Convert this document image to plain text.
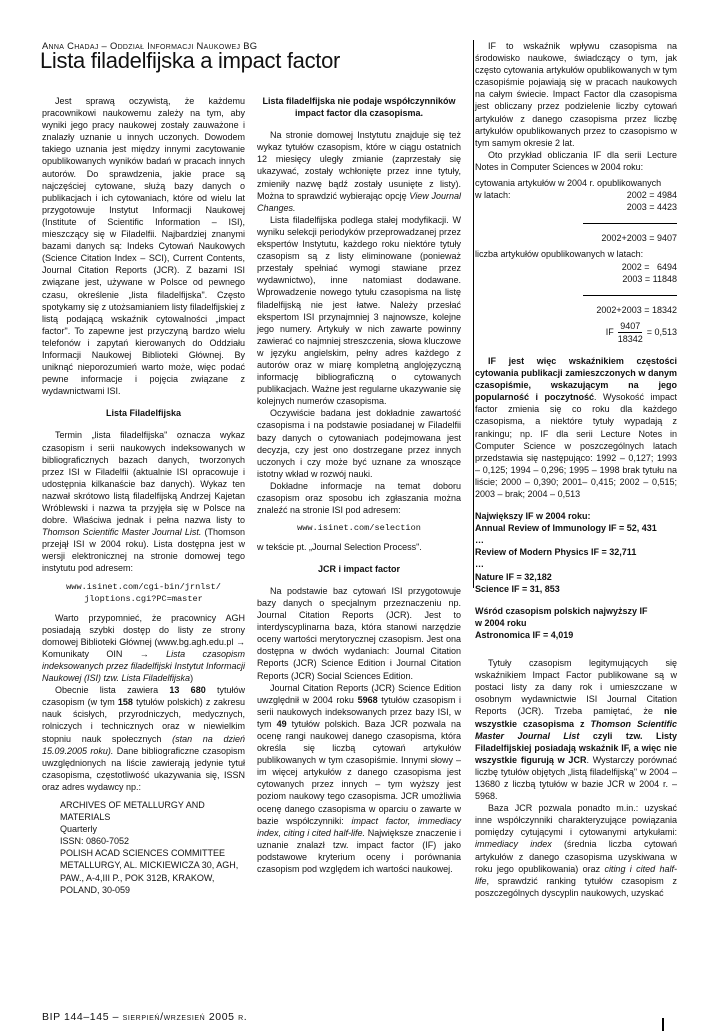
Anna Chadaj – Oddział Informacji Naukowej BG
Lista filadelfijska a impact factor

Jest sprawą oczywistą, że każdemu pracownikowi naukowemu zależy na tym, aby wyniki jego pracy naukowej zostały zauważone i znalazły uznanie u innych uczonych. Dowodem takiego uznania jest między innymi zacytowanie opublikowanych wyników badań w pracach innych autorów. Do sprawdzenia, jakie prace są najczęściej cytowane, służą bazy danych o publikacjach i ich cytowaniach, które od wielu lat przygotowuje Instytut Informacji Naukowej (Institute of Scientific Information – ISI), mieszczący się w Filadelfii. Najbardziej znanymi bazami danych są: Indeks Cytowań Naukowych (Science Citation Index – SCI), Current Contents, Journal Citation Reports (JCR). Z bazami ISI związane jest, używane w Polsce od pewnego czasu, określenie „lista filadelfijska". Często spotykamy się z utożsamianiem listy filadelfijskiej z listą podającą wskaźnik cytowalności „impact factor". To zapewne jest przyczyną bardzo wielu telefonów i zapytań kierowanych do Oddziału Informacji Naukowej Biblioteki Głównej. By uniknąć nieporozumień warto może, więc podać pewne informacje i pojęcia związane z wydawnictwami ISI.

Lista Filadelfijska

Termin „lista filadelfijska" oznacza wykaz czasopism i serii naukowych indeksowanych w bibliograficznych bazach danych, tworzonych przez ISI w Filadelfii (aktualnie ISI opracowuje i udostępnia kilkanaście baz danych). Wykaz ten nazwał skrótowo listą filadelfijską Andrzej Kajetan Wróblewski i nazwa ta przyjęła się w Polsce na dobre. Właściwa jednak i pełna nazwa listy to Thomson Scientific Master Journal List. (Thomson przejął ISI w 2004 roku). Lista dostępna jest w wersji elektronicznej na stronie domowej tego instytutu pod adresem:

www.isinet.com/cgi-bin/jrnlst/
jloptions.cgi?PC=master

Warto przypomnieć, że pracownicy AGH posiadają szybki dostęp do listy ze strony domowej Biblioteki Głównej (www.bg.agh.edu.pl → Komunikaty OIN → Lista czasopism indeksowanych przez filadelfijski Instytut Informacji Naukowej (ISI) tzw. Lista Filadelfijska)

Obecnie lista zawiera 13 680 tytułów czasopism (w tym 158 tytułów polskich) z zakresu nauk ścisłych, przyrodniczych, medycznych, rolniczych i technicznych oraz w niewielkim stopniu nauk społecznych (stan na dzień 15.09.2005 roku). Dane bibliograficzne czasopism uwzględnionych na liście zawierają jedynie tytuł czasopisma, częstotliwość ukazywania się, ISSN oraz adres wydawcy np.:

ARCHIVES OF METALLURGY AND
MATERIALS
Quarterly
ISSN: 0860-7052
POLISH ACAD SCIENCES COMMITTEE
METALLURGY, AL. MICKIEWICZA 30, AGH,
PAW., A-4,III P., POK 312B, KRAKOW,
POLAND, 30-059

Lista filadelfijska nie podaje współczynników impact factor dla czasopisma.

Na stronie domowej Instytutu znajduje się też wykaz tytułów czasopism, które w ciągu ostatnich 12 miesięcy uległy zmianie (zaprzestały się ukazywać, zostały wchłonięte przez inne tytuły, zmieniły nazwę bądź zostały usunięte z listy). Można to sprawdzić wybierając opcję View Journal Changes.

Lista filadelfijska podlega stałej modyfikacji. W wyniku selekcji periodyków przeprowadzanej przez ekspertów Instytutu, każdego roku niektóre tytuły czasopism są z listy eliminowane (ponieważ przestały spełniać wymogi stawiane przez wydawnictwo), inne natomiast dodawane. Wprowadzenie nowego tytułu czasopisma na listę filadelfijską nie jest łatwe. Należy przesłać ekspertom ISI przynajmniej 3 najnowsze, kolejne jego numery. Artykuły w nich zawarte powinny zawierać co najmniej streszczenia, słowa kluczowe w języku angielskim, pełny adres każdego z autorów oraz w miarę kompletną anglojęzyczną informację bibliograficzną o cytowanych publikacjach. Ważne jest regularne ukazywanie się kolejnych numerów czasopisma.

Oczywiście badana jest dokładnie zawartość czasopisma i na podstawie posiadanej w Filadelfii bazy danych o cytowaniach podejmowana jest decyzja, czy jest ono dostrzegane przez innych uczonych i czy może być uznane za wnoszące istotny wkład w rozwój nauki.

Dokładne informacje na temat doboru czasopism oraz sposobu ich zgłaszania można znaleźć na stronie ISI pod adresem:

www.isinet.com/selection

w tekście pt. „Journal Selection Process".

JCR i impact factor

Na podstawie baz cytowań ISI przygotowuje bazy danych o specjalnym przeznaczeniu np. Journal Citation Reports (JCR). Jest to interdyscyplinarna baza, która stanowi narzędzie oceny wartości merytorycznej czasopism. Jest ona dostępna w dwóch wydaniach: Journal Citation Reports (JCR) Science Edition i Journal Citation Reports (JCR) Social Sciences Edition.

Journal Citation Reports (JCR) Science Edition uwzględnił w 2004 roku 5968 tytułów czasopism i serii naukowych indeksowanych przez bazy ISI, w tym 49 tytułów polskich. Baza JCR pozwala na ocenę rangi naukowej danego czasopisma, która określa się liczbą cytowań artykułów publikowanych w tym czasopiśmie. Innymi słowy – im więcej artykułów z danego czasopisma jest cytowanych przez innych – tym wyższy jest poziom naukowy tego czasopisma. JCR umożliwia ocenę danego czasopisma w oparciu o zawarte w bazie współczynniki: impact factor, immediacy index, citing i cited half-life. Największe znaczenie i uznanie znalazł tzw. impact factor (IF) jako podstawowe kryterium oceny i porównania czasopism pod względem ich wartości naukowej.

IF to wskaźnik wpływu czasopisma na środowisko naukowe, świadczący o tym, jak często cytowania artykułów opublikowanych w tym czasopiśmie pojawiają się w pracach naukowych na całym świecie. Impact Factor dla czasopisma jest obliczany przez podzielenie liczby cytowań artykułów z danego czasopisma przez liczbę artykułów opublikowanych przez to czasopismo w tym samym okresie 2 lat.

Oto przykład obliczania IF dla serii Lecture Notes in Computer Sciences w 2004 roku:

cytowania artykułów w 2004 r. opublikowanych
w latach:	2002 = 4984
2003 = 4423
2002+2003 = 9407
liczba artykułów opublikowanych w latach:
2002 =   6494
2003 = 11848
2002+2003 = 18342
IF $\frac{9407}{18342} = 0,513$

IF jest więc wskaźnikiem częstości cytowania publikacji zamieszczonych w danym czasopiśmie, wskazującym na jego popularność i poczytność. Wysokość impact factor zmienia się co roku dla każdego czasopisma, a niektóre tytuły wypadają z rankingu; np. IF dla serii Lecture Notes in Computer Science w poszczególnych latach przedstawia się następująco: 1992 – 0,127; 1993 – 0,125; 1994 – 0,296; 1995 – 1998 brak tytułu na liście; 2000 – 0,390; 2001– 0,415; 2002 – 0,515; 2003 – brak; 2004 – 0,513

Największy IF w 2004 roku:
Annual Review of Immunology IF = 52, 431
…
Review of Modern Physics IF = 32,711
…
Nature IF = 32,182
Science IF = 31, 853
Wśród czasopism polskich najwyższy IF
w 2004 roku
Astronomica IF = 4,019

Tytuły czasopism legitymujących się wskaźnikiem Impact Factor publikowane są w postaci listy za dany rok i umieszczane w osobnym wydawnictwie ISI Journal Citation Reports (JCR). Trzeba pamiętać, że nie wszystkie czasopisma z Thomson Scientific Master Journal List czyli tzw. Listy Filadelfijskiej posiadają wskaźnik IF, a więc nie wszystkie figurują w JCR. Wystarczy porównać liczbę tytułów objętych „listą filadelfijską" w 2004 – 13680 z liczbą tytułów w bazie JCR w 2004 r. – 5968.

Baza JCR pozwala ponadto m.in.: uzyskać inne współczynniki charakteryzujące powiązania pomiędzy cytującymi i cytowanymi artykułami: immediacy index (średnia liczba cytowań artykułów z danego czasopisma uzyskiwana w roku jego opublikowania) oraz citing i cited half-life, sprawdzić ranking tytułów czasopism z poszczególnych dyscyplin naukowych, uzyskać

BIP 144–145 – sierpień/wrzesień 2005 r.
